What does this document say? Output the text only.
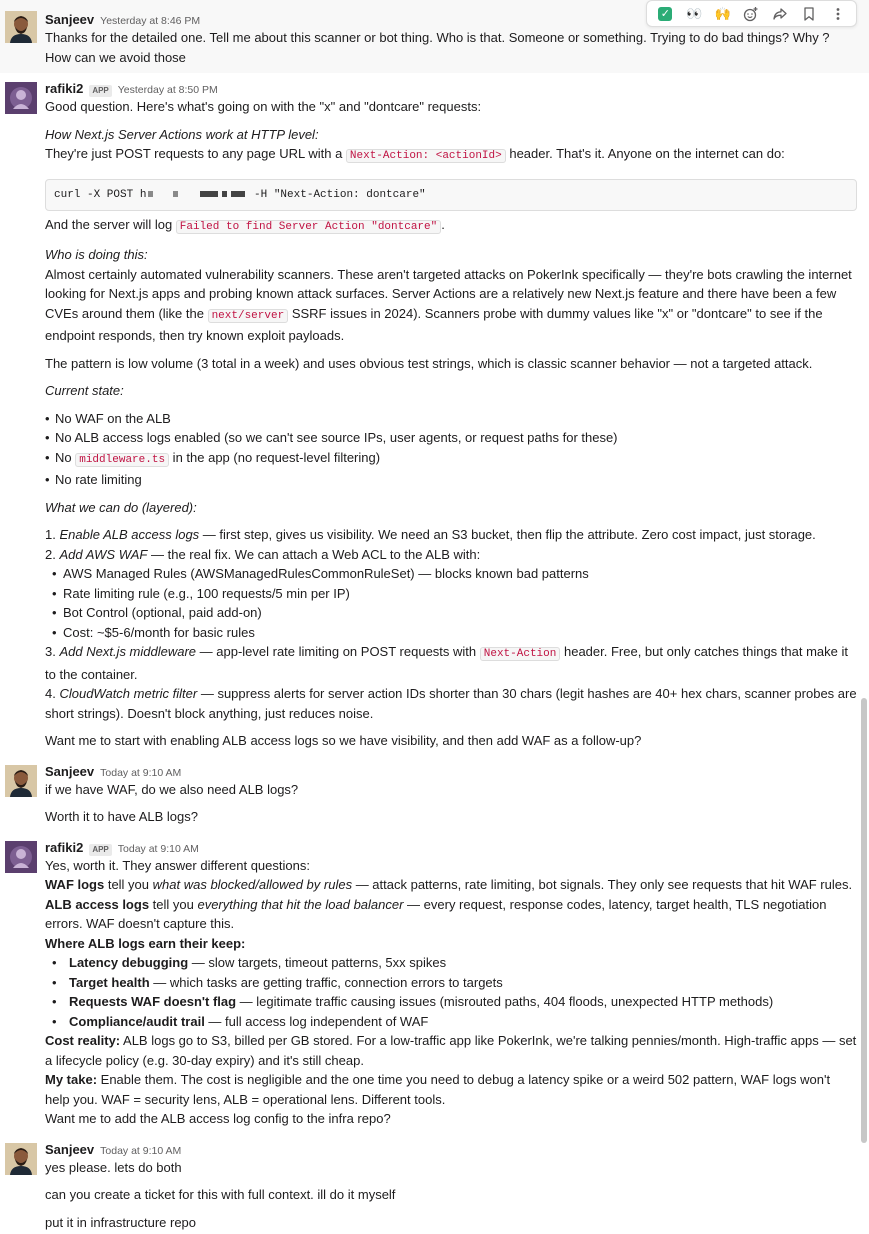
✓ 👀 🙌
Sanjeev Yesterday at 8:46 PM

Thanks for the detailed one. Tell me about this scanner or bot thing. Who is that. Someone or something. Trying to do bad things? Why ? How can we avoid those

rafiki2	APP Yesterday at 8:50 PM

Good question. Here's what's going on with the "x" and "dontcare" requests:

How Next.js Server Actions work at HTTP level:

They're just POST requests to any page URL with a Next-Action: <actionId> header. That's it. Anyone on the internet can do:

curl -X POST h	-H "Next-Action: dontcare"

And the server will log Failed to find Server Action "dontcare" .

Who is doing this:

Almost certainly automated vulnerability scanners. These aren't targeted attacks on PokerInk specifically — they're bots crawling the internet looking for Next.js apps and probing known attack surfaces. Server Actions are a relatively new Next.js feature and there have been a few CVEs around them (like the next/server SSRF issues in 2024). Scanners probe with dummy values like "x" or "dontcare" to see if the endpoint responds, then try known exploit payloads.

The pattern is low volume (3 total in a week) and uses obvious test strings, which is classic scanner behavior — not a targeted attack.

Current state:

• No WAF on the ALB
• No ALB access logs enabled (so we can't see source IPs, user agents, or request paths for these)
• No middleware.ts in the app (no request-level filtering)
• No rate limiting

What we can do (layered):

1. Enable ALB access logs — first step, gives us visibility. We need an S3 bucket, then flip the attribute. Zero cost impact, just storage.

2. Add AWS WAF — the real fix. We can attach a Web ACL to the ALB with:

• AWS Managed Rules (AWSManagedRulesCommonRuleSet) — blocks known bad patterns
• Rate limiting rule (e.g., 100 requests/5 min per IP)
• Bot Control (optional, paid add-on)
• Cost: ~$5-6/month for basic rules

3. Add Next.js middleware — app-level rate limiting on POST requests with Next-Action header. Free, but only catches things that make it to the container.

4. CloudWatch metric filter — suppress alerts for server action IDs shorter than 30 chars (legit hashes are 40+ hex chars, scanner probes are short strings). Doesn't block anything, just reduces noise.

Want me to start with enabling ALB access logs so we have visibility, and then add WAF as a follow-up?

Sanjeev Today at 9:10 AM

if we have WAF, do we also need ALB logs?

Worth it to have ALB logs?

rafiki2	APP Today at 9:10 AM

Yes, worth it. They answer different questions:

WAF logs tell you what was blocked/allowed by rules — attack patterns, rate limiting, bot signals. They only see requests that hit WAF rules.

ALB access logs tell you everything that hit the load balancer — every request, response codes, latency, target health, TLS negotiation errors. WAF doesn't capture this.

Where ALB logs earn their keep:

• Latency debugging — slow targets, timeout patterns, 5xx spikes
• Target health — which tasks are getting traffic, connection errors to targets
• Requests WAF doesn't flag — legitimate traffic causing issues (misrouted paths, 404 floods, unexpected HTTP methods)
• Compliance/audit trail — full access log independent of WAF

Cost reality: ALB logs go to S3, billed per GB stored. For a low-traffic app like PokerInk, we're talking pennies/month. High-traffic apps — set a lifecycle policy (e.g. 30-day expiry) and it's still cheap.

My take: Enable them. The cost is negligible and the one time you need to debug a latency spike or a weird 502 pattern, WAF logs won't help you. WAF = security lens, ALB = operational lens. Different tools.

Want me to add the ALB access log config to the infra repo?

Sanjeev Today at 9:10 AM

yes please. lets do both

can you create a ticket for this with full context. ill do it myself

put it in infrastructure repo
